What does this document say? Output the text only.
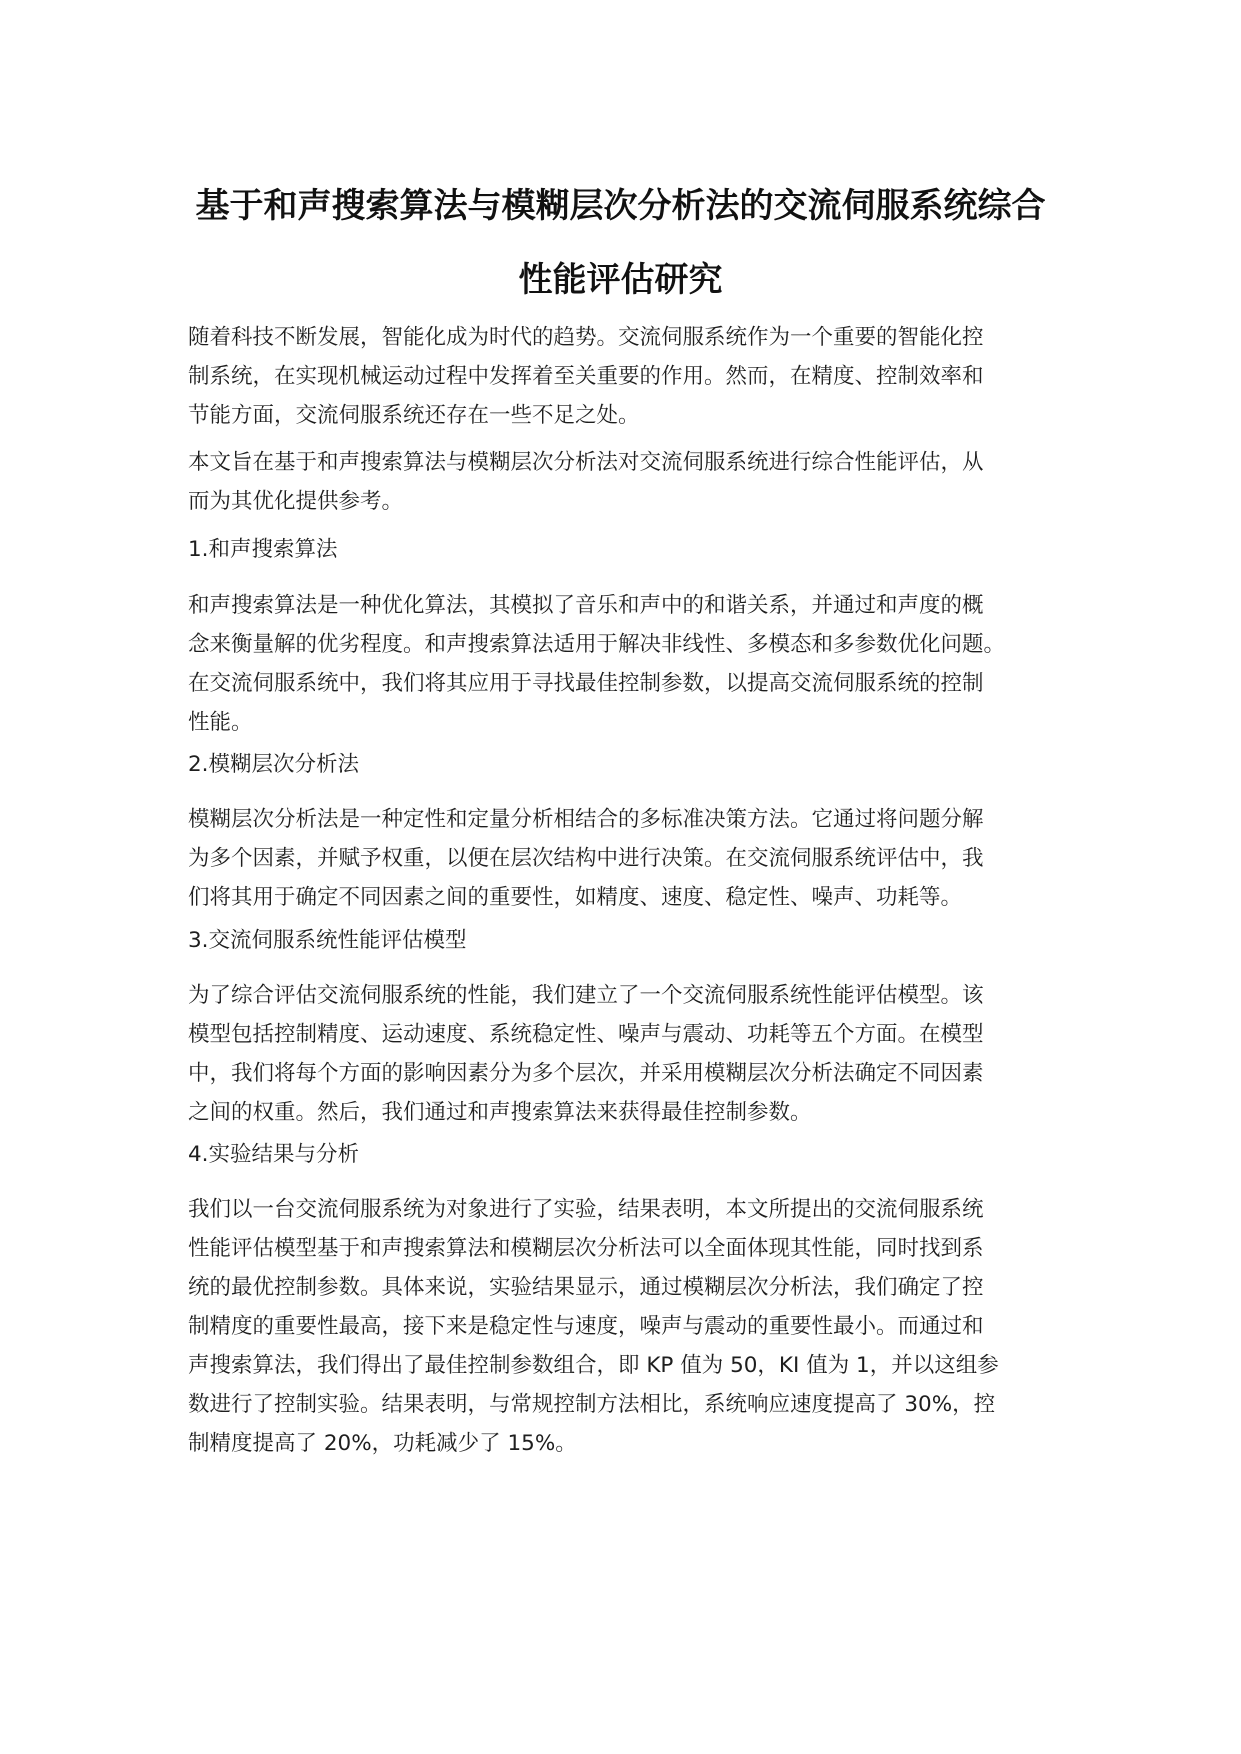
基于和声搜索算法与模糊层次分析法的交流伺服系统综合
性能评估研究

随着科技不断发展，智能化成为时代的趋势。交流伺服系统作为一个重要的智能化控
制系统，在实现机械运动过程中发挥着至关重要的作用。然而，在精度、控制效率和
节能方面，交流伺服系统还存在一些不足之处。

本文旨在基于和声搜索算法与模糊层次分析法对交流伺服系统进行综合性能评估，从
而为其优化提供参考。

1.和声搜索算法

和声搜索算法是一种优化算法，其模拟了音乐和声中的和谐关系，并通过和声度的概
念来衡量解的优劣程度。和声搜索算法适用于解决非线性、多模态和多参数优化问题。
在交流伺服系统中，我们将其应用于寻找最佳控制参数，以提高交流伺服系统的控制
性能。

2.模糊层次分析法

模糊层次分析法是一种定性和定量分析相结合的多标准决策方法。它通过将问题分解
为多个因素，并赋予权重，以便在层次结构中进行决策。在交流伺服系统评估中，我
们将其用于确定不同因素之间的重要性，如精度、速度、稳定性、噪声、功耗等。

3.交流伺服系统性能评估模型

为了综合评估交流伺服系统的性能，我们建立了一个交流伺服系统性能评估模型。该
模型包括控制精度、运动速度、系统稳定性、噪声与震动、功耗等五个方面。在模型
中，我们将每个方面的影响因素分为多个层次，并采用模糊层次分析法确定不同因素
之间的权重。然后，我们通过和声搜索算法来获得最佳控制参数。

4.实验结果与分析

我们以一台交流伺服系统为对象进行了实验，结果表明，本文所提出的交流伺服系统
性能评估模型基于和声搜索算法和模糊层次分析法可以全面体现其性能，同时找到系
统的最优控制参数。具体来说，实验结果显示，通过模糊层次分析法，我们确定了控
制精度的重要性最高，接下来是稳定性与速度，噪声与震动的重要性最小。而通过和
声搜索算法，我们得出了最佳控制参数组合，即 KP 值为 50，KI 值为 1，并以这组参
数进行了控制实验。结果表明，与常规控制方法相比，系统响应速度提高了 30%，控
制精度提高了 20%，功耗减少了 15%。
